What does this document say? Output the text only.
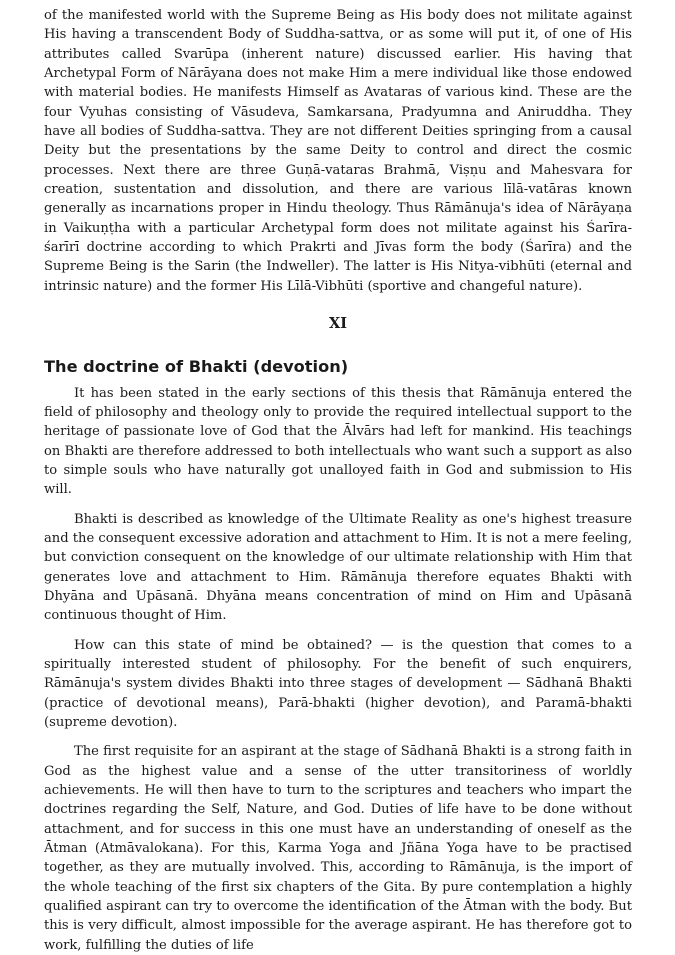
of the manifested world with the Supreme Being as His body does not militate against His having a transcendent Body of Suddha-sattva, or as some will put it, of one of His attributes called Svarūpa (inherent nature) discussed earlier. His having that Archetypal Form of Nārāyana does not make Him a mere individual like those endowed with material bodies. He manifests Himself as Avataras of various kind. These are the four Vyuhas consisting of Vāsudeva, Samkarsana, Pradyumna and Aniruddha. They have all bodies of Suddha-sattva. They are not different Deities springing from a causal Deity but the presentations by the same Deity to control and direct the cosmic processes. Next there are three Guṇā-vataras Brahmā, Viṣṇu and Mahesvara for creation, sustentation and dissolution, and there are various līlā-vatāras known generally as incarnations proper in Hindu theology. Thus Rāmānuja's idea of Nārāyaṇa in Vaikuṇṭha with a particular Archetypal form does not militate against his Śarīra-śarīrī doctrine according to which Prakrti and Jīvas form the body (Śarīra) and the Supreme Being is the Sarin (the Indweller). The latter is His Nitya-vibhūti (eternal and intrinsic nature) and the former His Līlā-Vibhūti (sportive and changeful nature).

XI

The doctrine of Bhakti (devotion)

It has been stated in the early sections of this thesis that Rāmānuja entered the field of philosophy and theology only to provide the required intellectual support to the heritage of passionate love of God that the Ālvārs had left for mankind. His teachings on Bhakti are therefore addressed to both intellectuals who want such a support as also to simple souls who have naturally got unalloyed faith in God and submission to His will.

Bhakti is described as knowledge of the Ultimate Reality as one's highest treasure and the consequent excessive adoration and attachment to Him. It is not a mere feeling, but conviction consequent on the knowledge of our ultimate relationship with Him that generates love and attachment to Him. Rāmānuja therefore equates Bhakti with Dhyāna and Upāsanā. Dhyāna means concentration of mind on Him and Upāsanā continuous thought of Him.

How can this state of mind be obtained? — is the question that comes to a spiritually interested student of philosophy. For the benefit of such enquirers, Rāmānuja's system divides Bhakti into three stages of development — Sādhanā Bhakti (practice of devotional means), Parā-bhakti (higher devotion), and Paramā-bhakti (supreme devotion).

The first requisite for an aspirant at the stage of Sādhanā Bhakti is a strong faith in God as the highest value and a sense of the utter transitoriness of worldly achievements. He will then have to turn to the scriptures and teachers who impart the doctrines regarding the Self, Nature, and God. Duties of life have to be done without attachment, and for success in this one must have an understanding of oneself as the Ātman (Atmāvalokana). For this, Karma Yoga and Jñāna Yoga have to be practised together, as they are mutually involved. This, according to Rāmānuja, is the import of the whole teaching of the first six chapters of the Gita. By pure contemplation a highly qualified aspirant can try to overcome the identification of the Ātman with the body. But this is very difficult, almost impossible for the average aspirant. He has therefore got to work, fulfilling the duties of life
